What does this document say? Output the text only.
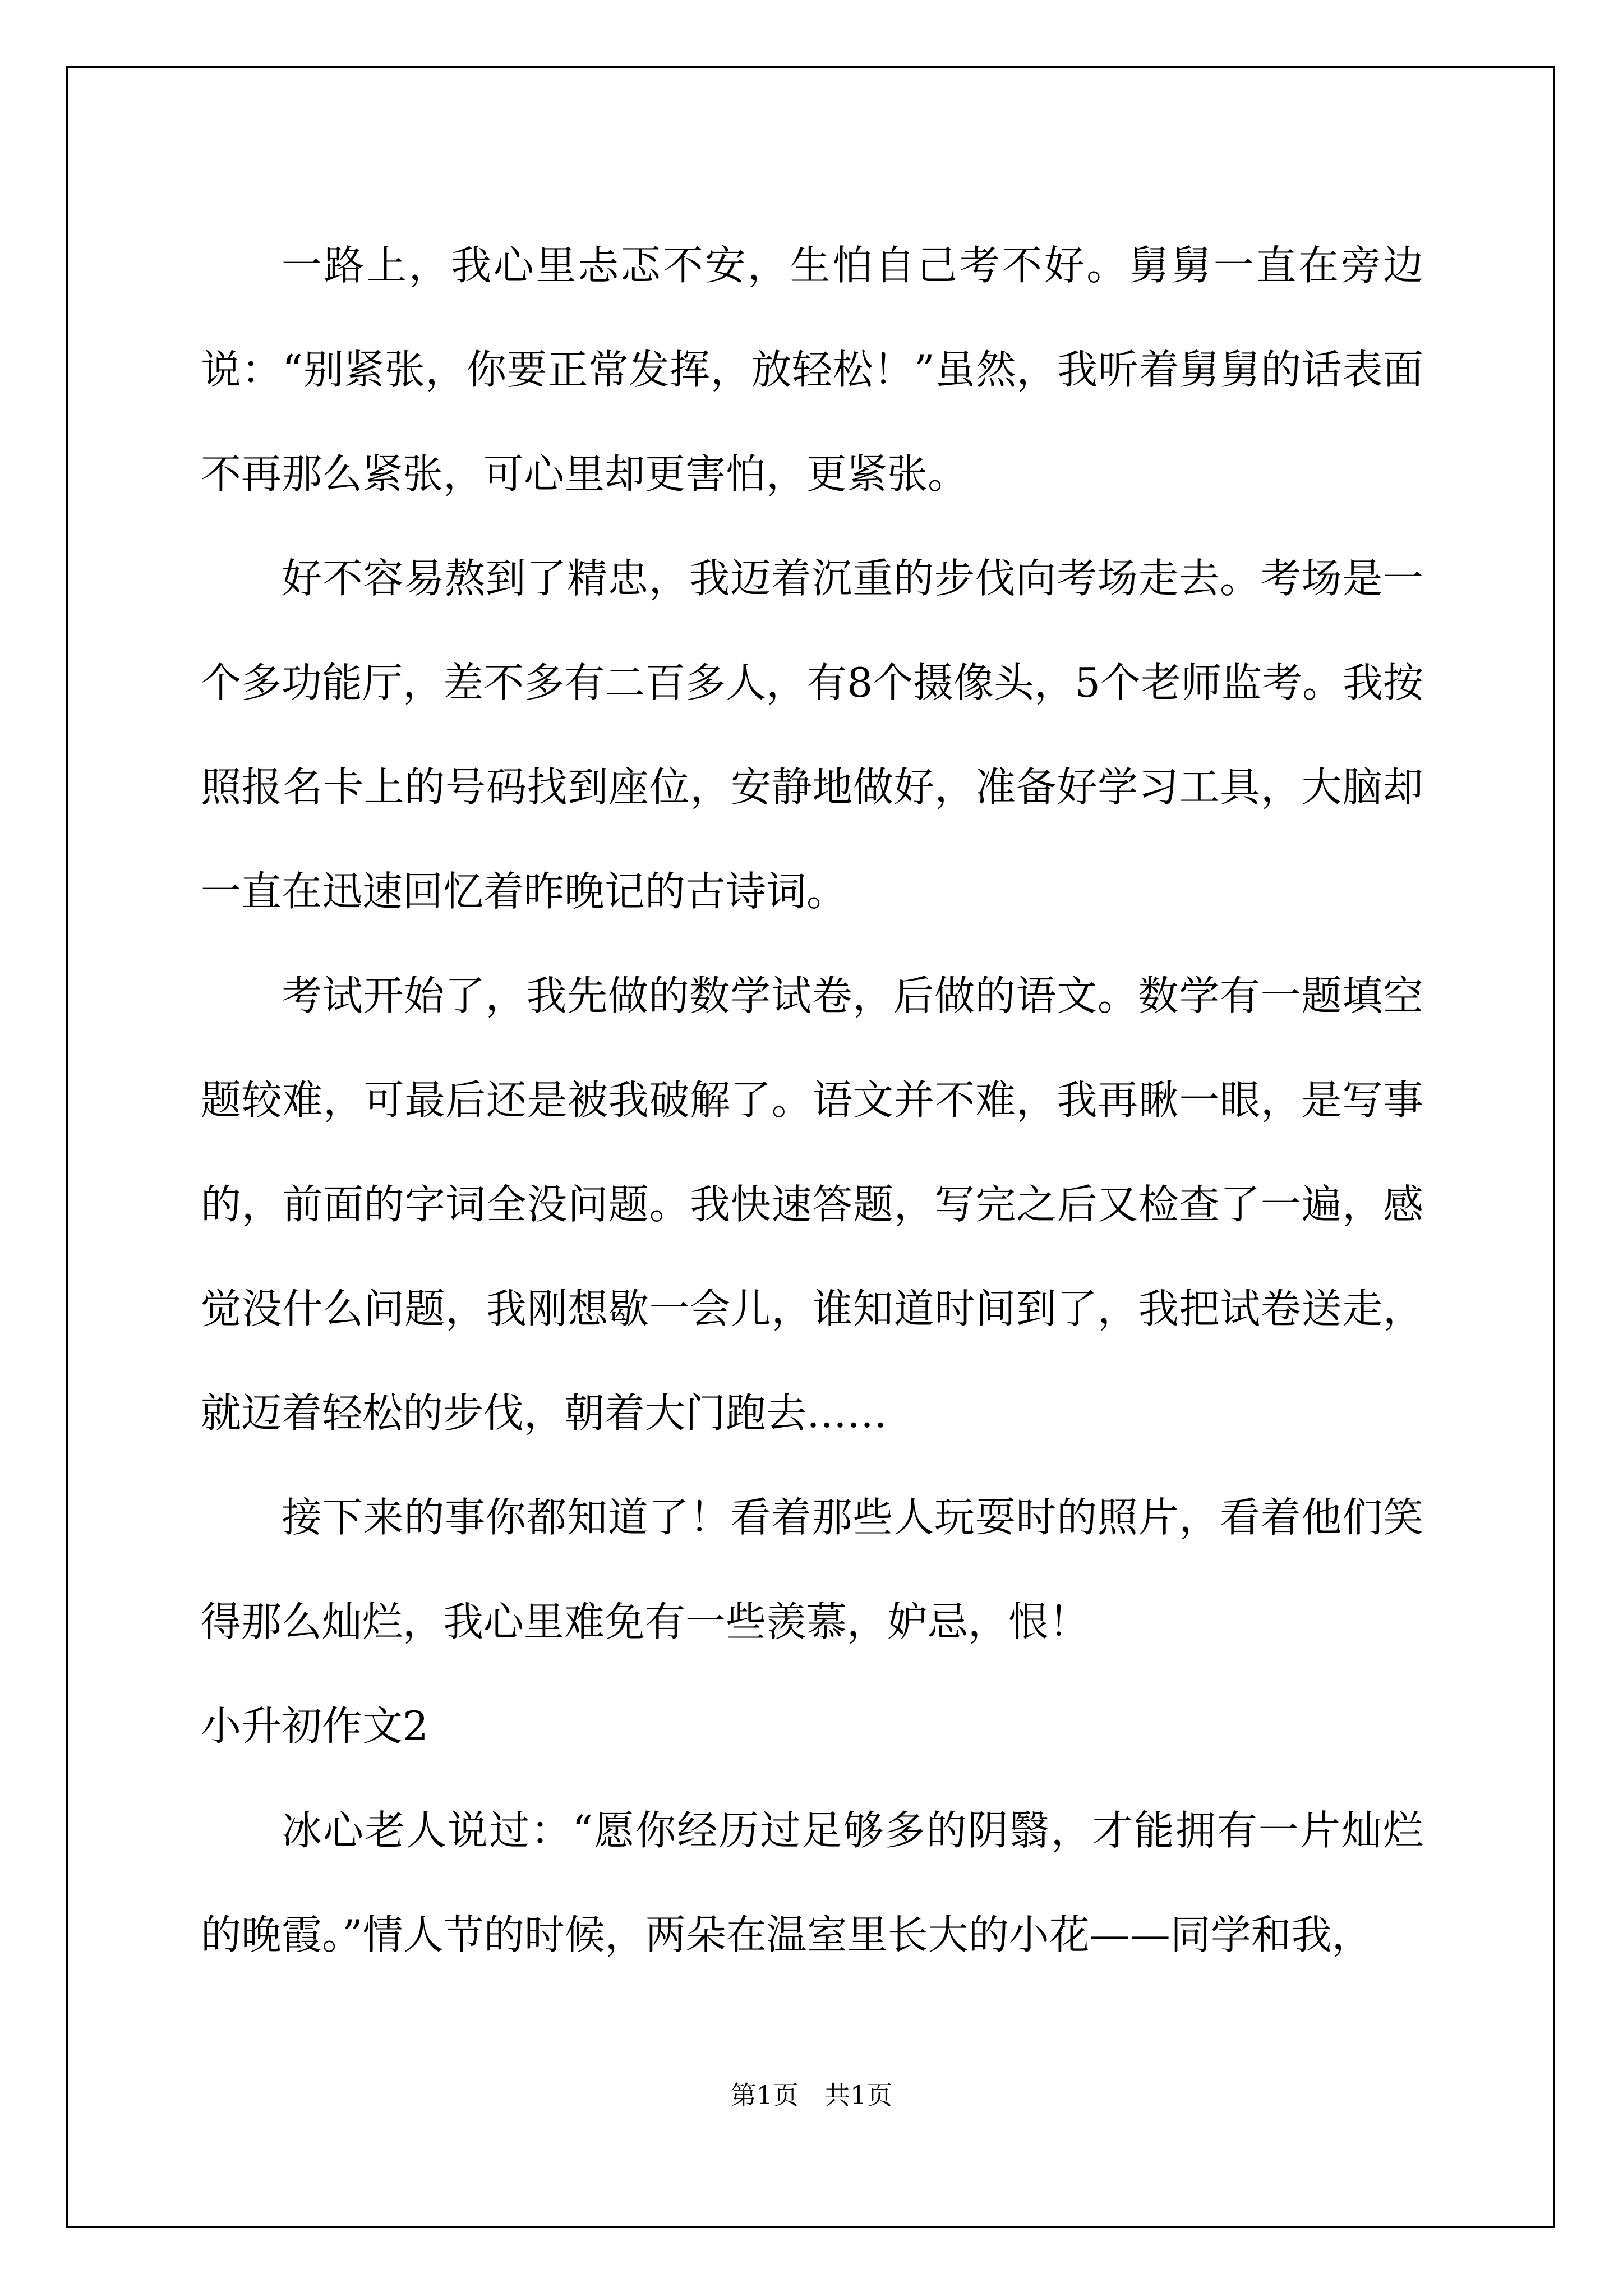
一路上，我心里忐忑不安，生怕自己考不好。舅舅一直在旁边说：“别紧张，你要正常发挥，放轻松！”虽然，我听着舅舅的话表面不再那么紧张，可心里却更害怕，更紧张。

好不容易熬到了精忠，我迈着沉重的步伐向考场走去。考场是一个多功能厅，差不多有二百多人，有8个摄像头，5个老师监考。我按照报名卡上的号码找到座位，安静地做好，准备好学习工具，大脑却一直在迅速回忆着昨晚记的古诗词。

考试开始了，我先做的数学试卷，后做的语文。数学有一题填空题较难，可最后还是被我破解了。语文并不难，我再瞅一眼，是写事的，前面的字词全没问题。我快速答题，写完之后又检查了一遍，感觉没什么问题，我刚想歇一会儿，谁知道时间到了，我把试卷送走，就迈着轻松的步伐，朝着大门跑去……

接下来的事你都知道了！看着那些人玩耍时的照片，看着他们笑得那么灿烂，我心里难免有一些羡慕，妒忌，恨！

小升初作文2

冰心老人说过：“愿你经历过足够多的阴翳，才能拥有一片灿烂的晚霞。”情人节的时候，两朵在温室里长大的小花——同学和我，

第1页　共1页
